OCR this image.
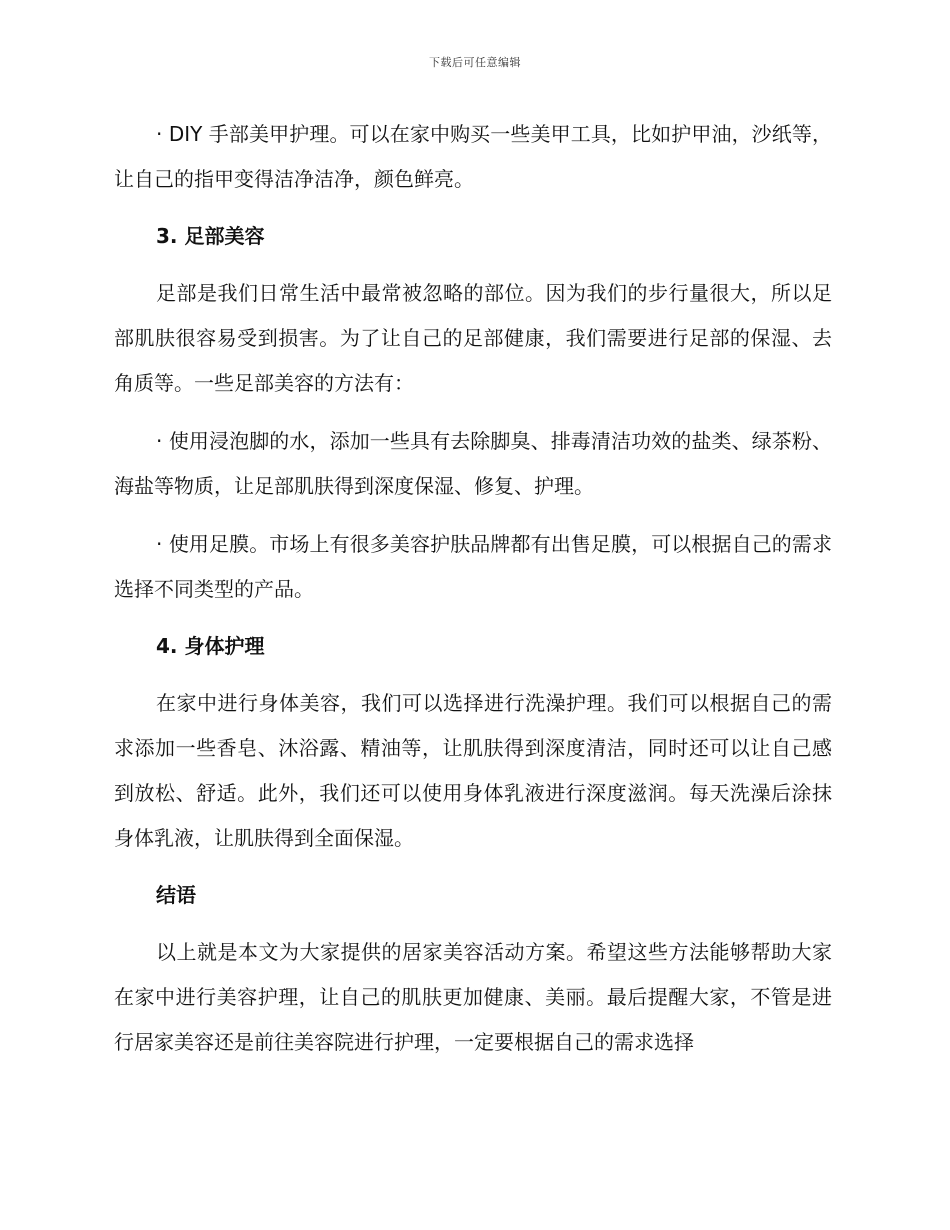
下载后可任意编辑

· DIY 手部美甲护理。可以在家中购买一些美甲工具，比如护甲油，沙纸等，让自己的指甲变得洁净洁净，颜色鲜亮。

3. 足部美容

足部是我们日常生活中最常被忽略的部位。因为我们的步行量很大，所以足部肌肤很容易受到损害。为了让自己的足部健康，我们需要进行足部的保湿、去角质等。一些足部美容的方法有：

· 使用浸泡脚的水，添加一些具有去除脚臭、排毒清洁功效的盐类、绿茶粉、海盐等物质，让足部肌肤得到深度保湿、修复、护理。

· 使用足膜。市场上有很多美容护肤品牌都有出售足膜，可以根据自己的需求选择不同类型的产品。

4. 身体护理

在家中进行身体美容，我们可以选择进行洗澡护理。我们可以根据自己的需求添加一些香皂、沐浴露、精油等，让肌肤得到深度清洁，同时还可以让自己感到放松、舒适。此外，我们还可以使用身体乳液进行深度滋润。每天洗澡后涂抹身体乳液，让肌肤得到全面保湿。

结语

以上就是本文为大家提供的居家美容活动方案。希望这些方法能够帮助大家在家中进行美容护理，让自己的肌肤更加健康、美丽。最后提醒大家，不管是进行居家美容还是前往美容院进行护理，一定要根据自己的需求选择
